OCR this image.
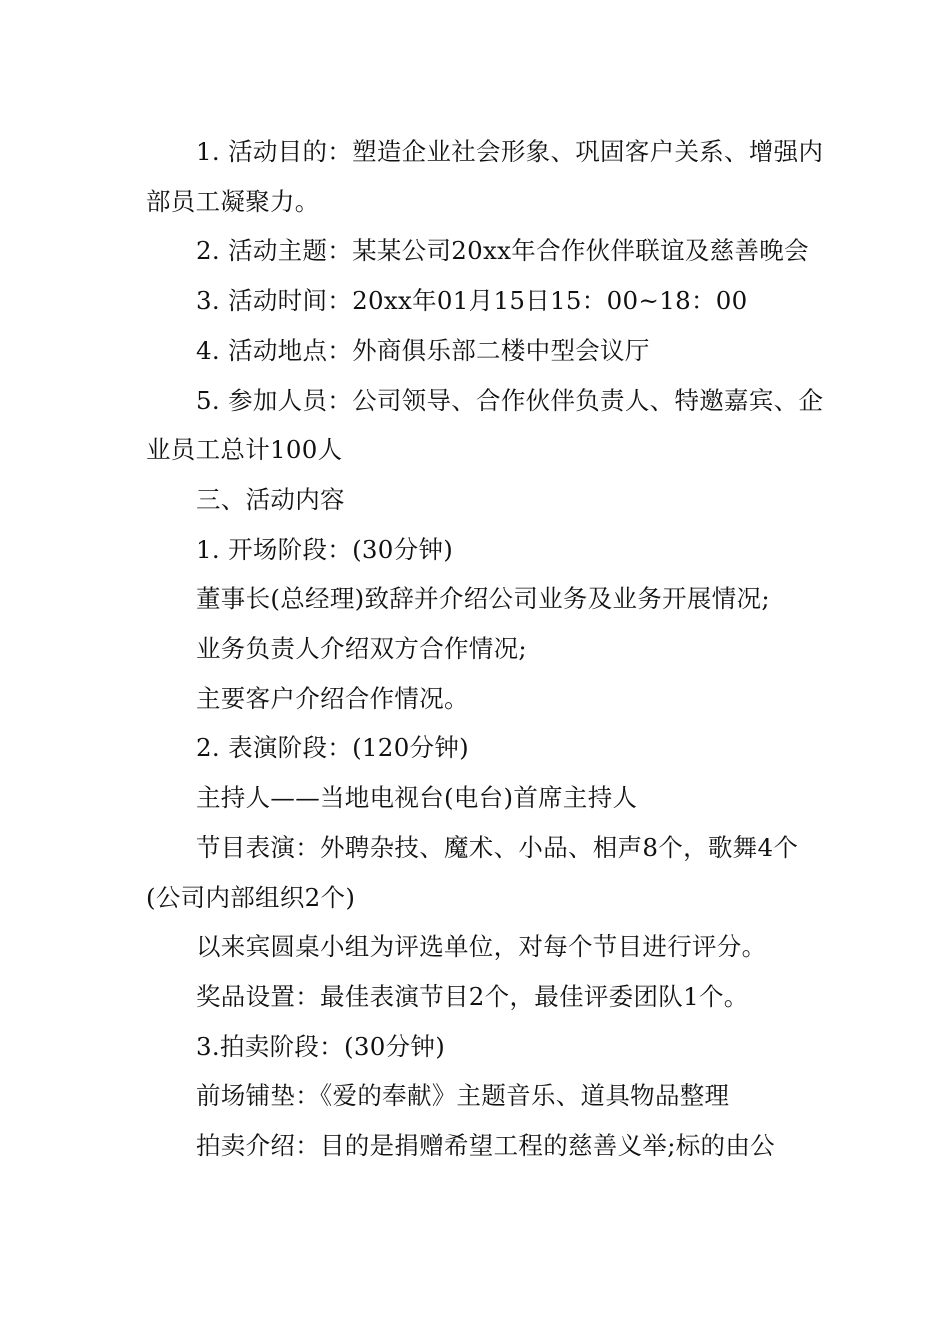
1. 活动目的：塑造企业社会形象、巩固客户关系、增强内部员工凝聚力。

2. 活动主题：某某公司20xx年合作伙伴联谊及慈善晚会

3. 活动时间：20xx年01月15日15：00~18：00

4. 活动地点：外商俱乐部二楼中型会议厅

5. 参加人员：公司领导、合作伙伴负责人、特邀嘉宾、企业员工总计100人

三、活动内容

1. 开场阶段：(30分钟)

董事长(总经理)致辞并介绍公司业务及业务开展情况;

业务负责人介绍双方合作情况;

主要客户介绍合作情况。

2. 表演阶段：(120分钟)

主持人——当地电视台(电台)首席主持人

节目表演：外聘杂技、魔术、小品、相声8个，歌舞4个(公司内部组织2个)

以来宾圆桌小组为评选单位，对每个节目进行评分。

奖品设置：最佳表演节目2个，最佳评委团队1个。

3.拍卖阶段：(30分钟)

前场铺垫：《爱的奉献》主题音乐、道具物品整理

拍卖介绍：目的是捐赠希望工程的慈善义举;标的由公
